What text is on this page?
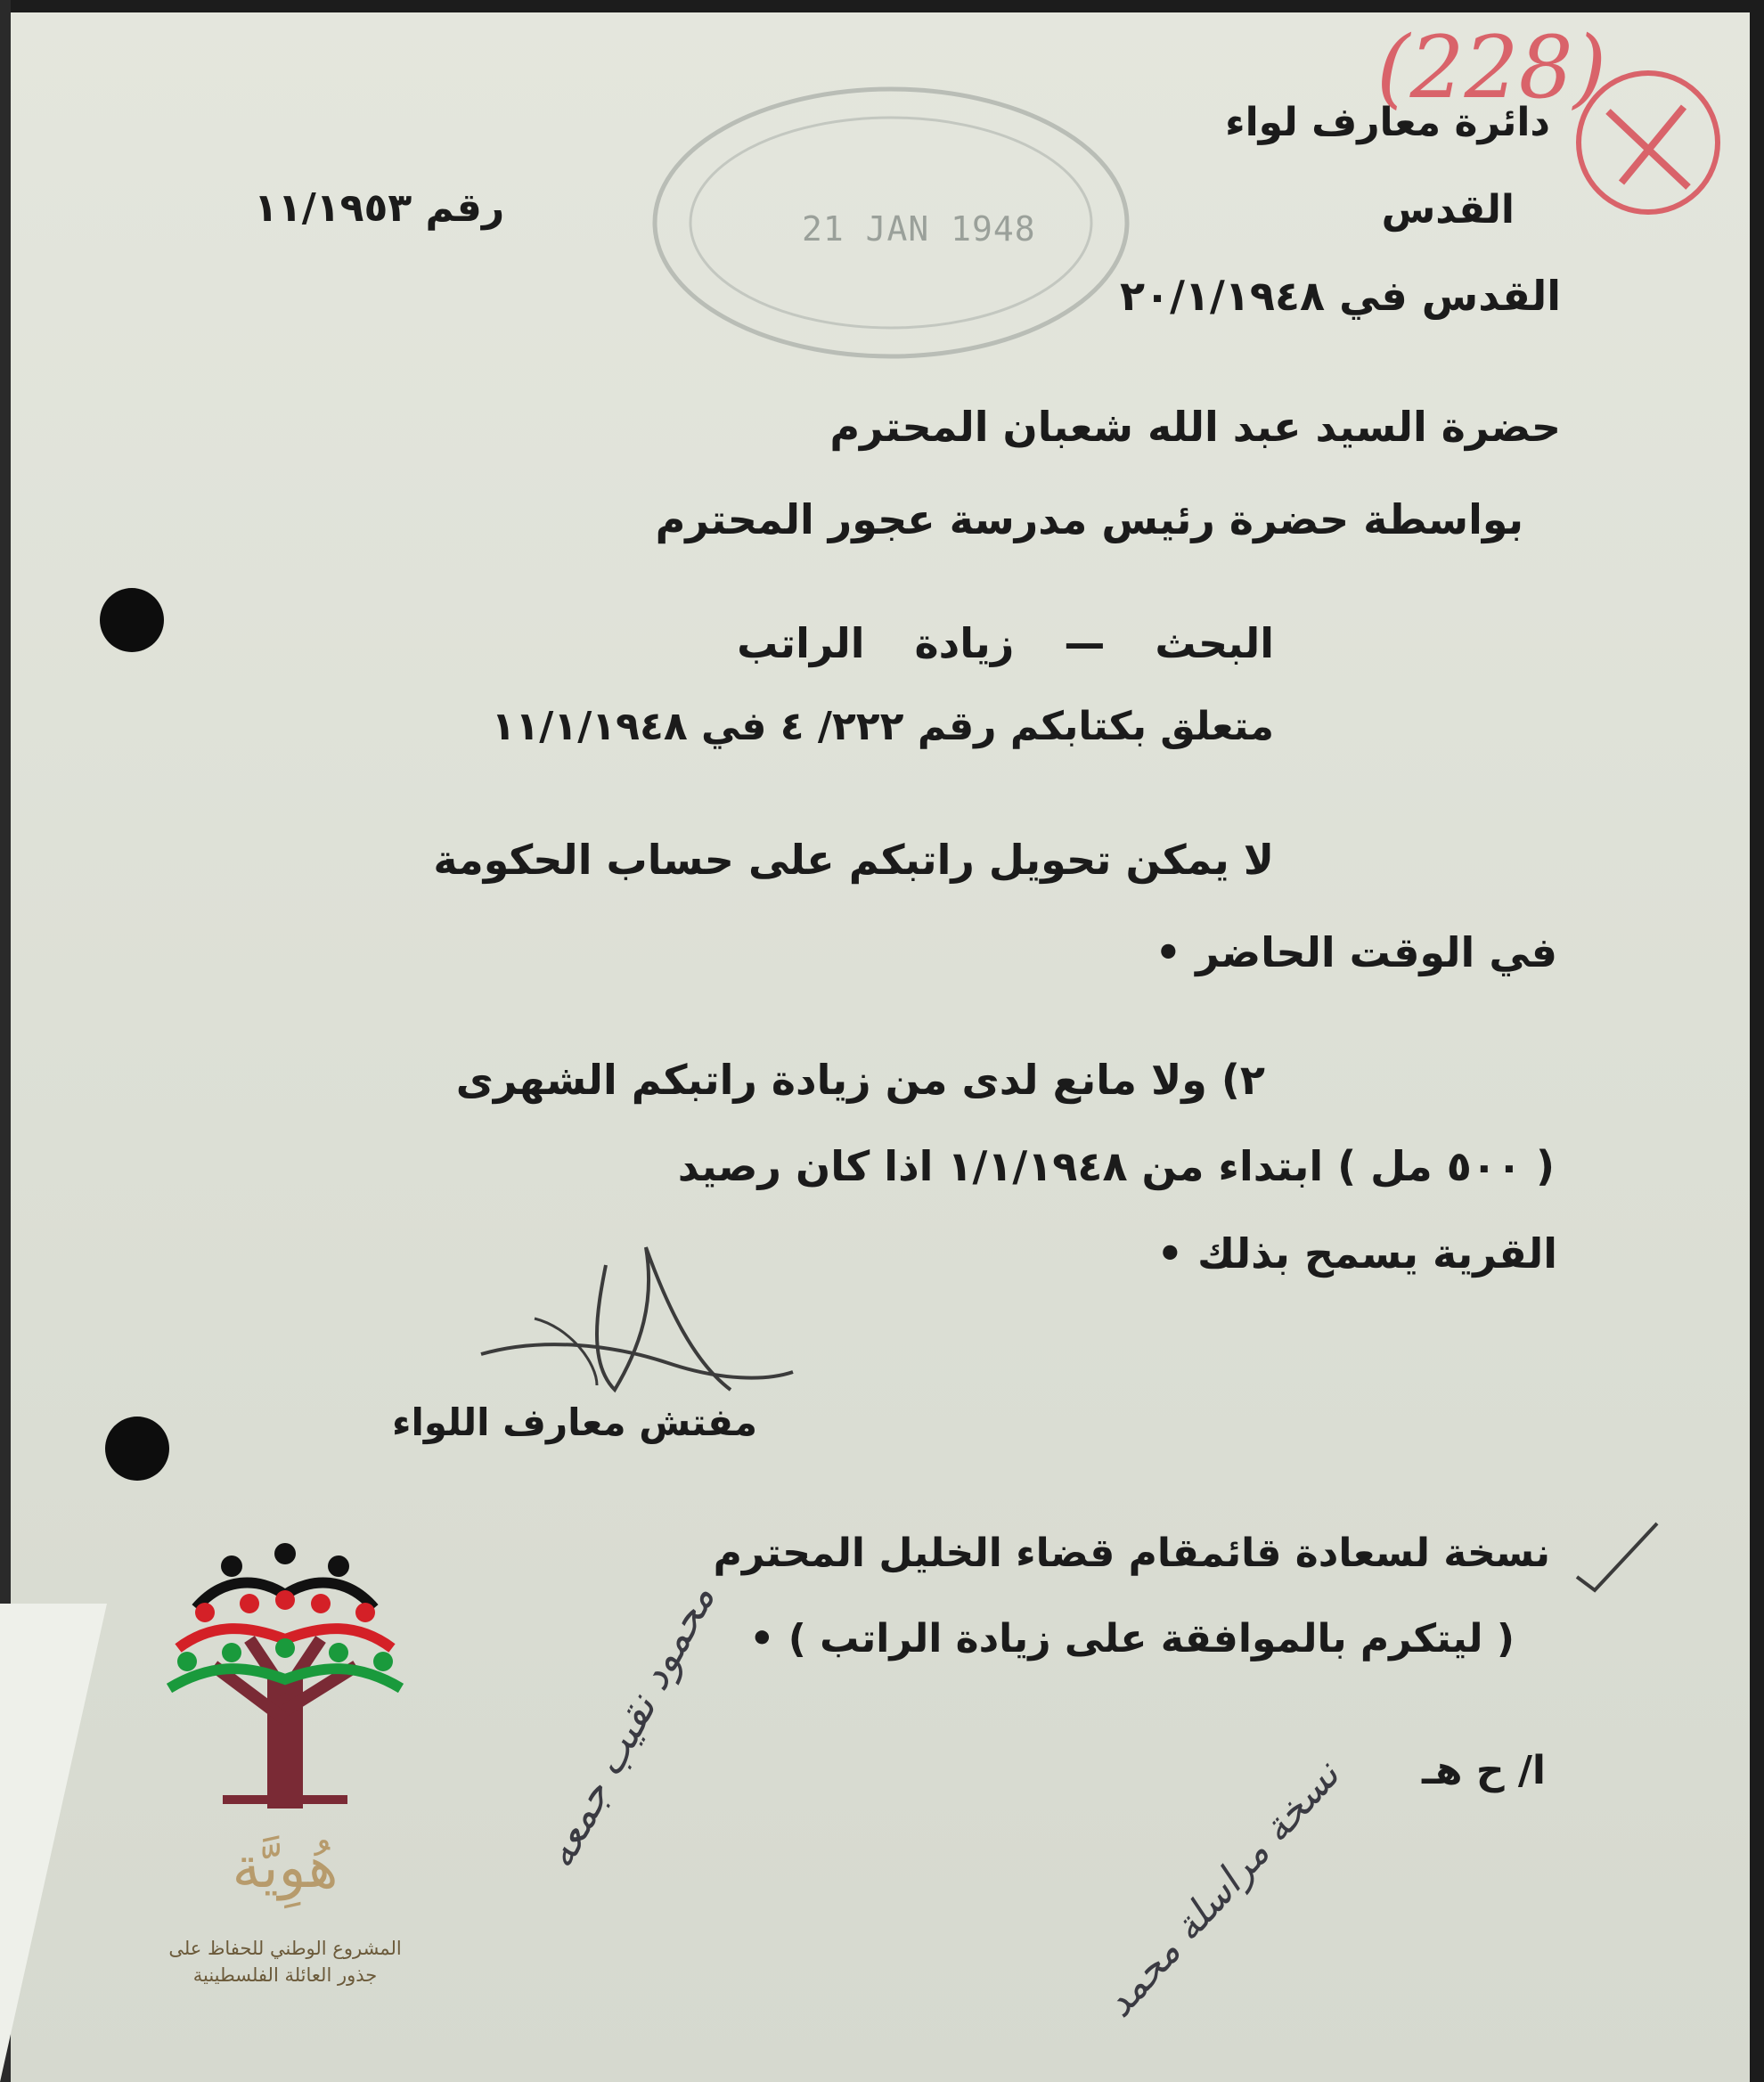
21 JAN 1948
(228)
دائرة معارف لواء
القدس
رقم ١١/١٩٥٣
القدس في ٢٠/١/١٩٤٨
حضرة السيد عبد الله شعبان المحترم
بواسطة حضرة رئيس مدرسة عجور المحترم
البحث — زيادة الراتب
متعلق بكتابكم رقم ٢٢٢/ ٤ في ١١/١/١٩٤٨
لا يمكن تحويل راتبكم على حساب الحكومة
في الوقت الحاضر •
٢) ولا مانع لدى من زيادة راتبكم الشهرى
( ٥٠٠ مل ) ابتداء من ١/١/١٩٤٨ اذا كان رصيد
القرية يسمح بذلك •
مفتش معارف اللواء
نسخة لسعادة قائمقام قضاء الخليل المحترم
( ليتكرم بالموافقة على زيادة الراتب ) •
ا/ ح هـ
محمود نقيب جمعه
نسخة مراسلة محمد
هُوِيَّة
المشروع الوطني للحفاظ على
جذور العائلة الفلسطينية
